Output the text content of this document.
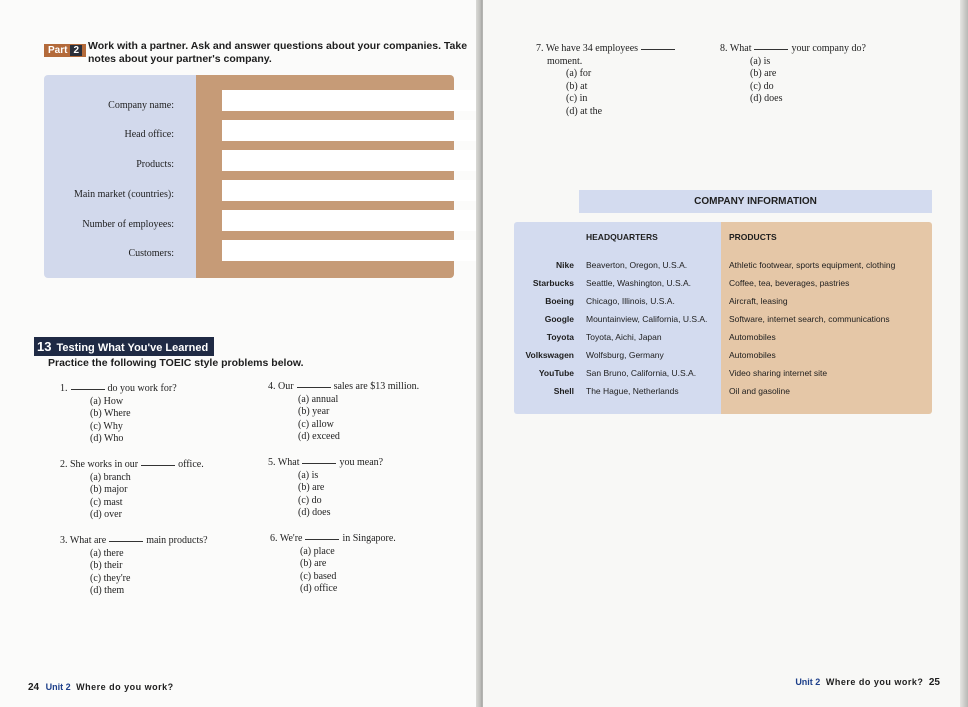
Part 2 Work with a partner. Ask and answer questions about your companies. Take notes about your partner's company.
Company name:
Head office:
Products:
Main market (countries):
Number of employees:
Customers:
13 Testing What You've Learned
Practice the following TOEIC style problems below.
1.	do you work for?
(a) How
(b) Where
(c) Why
(d) Who
2. She works in our	office.
(a) branch
(b) major
(c) mast
(d) over
3. What are	main products?
(a) there
(b) their
(c) they're
(d) them
4. Our	sales are $13 million.
(a) annual
(b) year
(c) allow
(d) exceed
5. What	you mean?
(a) is
(b) are
(c) do
(d) does
6. We're	in Singapore.
(a) place
(b) are
(c) based
(d) office
24 Unit 2 Where do you work?
7. We have 34 employees
moment.
(a) for
(b) at
(c) in
(d) at the
8. What	your company do?
(a) is
(b) are
(c) do
(d) does
COMPANY INFORMATION
HEADQUARTERS	PRODUCTS
Nike Beaverton, Oregon, U.S.A.	Athletic footwear, sports equipment, clothing
Starbucks Seattle, Washington, U.S.A.	Coffee, tea, beverages, pastries
Boeing Chicago, Illinois, U.S.A.	Aircraft, leasing
Google Mountainview, California, U.S.A.	Software, internet search, communications
Toyota Toyota, Aichi, Japan	Automobiles
Volkswagen Wolfsburg, Germany	Automobiles
YouTube San Bruno, California, U.S.A.	Video sharing internet site
Shell The Hague, Netherlands	Oil and gasoline
Unit 2 Where do you work? 25
